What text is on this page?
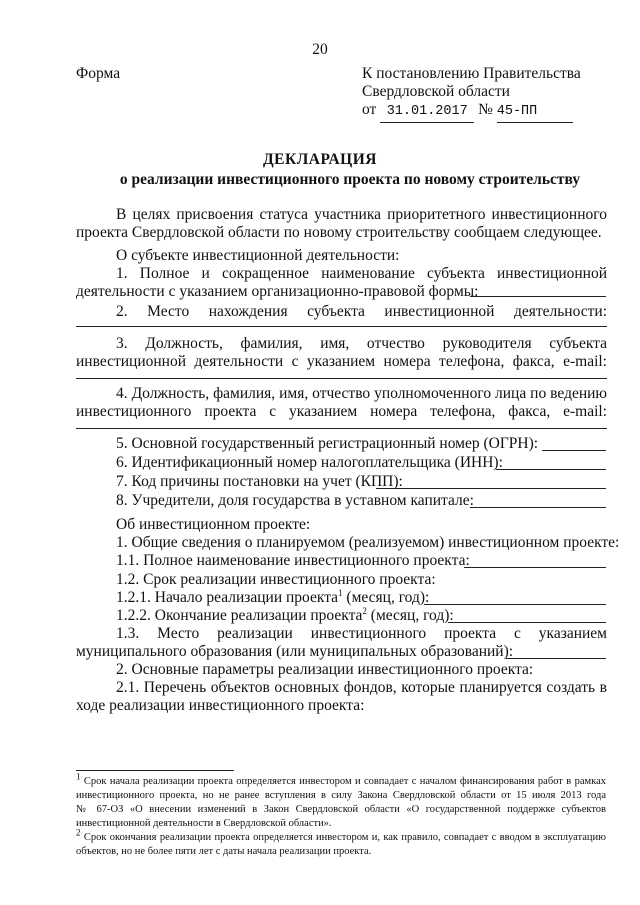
20
Форма	К постановлению Правительства
Свердловской области
от 31.01.2017 № 45-ПП
ДЕКЛАРАЦИЯ
о реализации инвестиционного проекта по новому строительству
В целях присвоения статуса участника приоритетного инвестиционного
проекта Свердловской области по новому строительству сообщаем следующее.
О субъекте инвестиционной деятельности:
1. Полное и сокращенное наименование субъекта инвестиционной
деятельности с указанием организационно-правовой формы:
2. Место нахождения субъекта инвестиционной деятельности:
3. Должность, фамилия, имя, отчество руководителя субъекта
инвестиционной деятельности с указанием номера телефона, факса, e-mail:
4. Должность, фамилия, имя, отчество уполномоченного лица по ведению
инвестиционного проекта с указанием номера телефона, факса, e-mail:
5. Основной государственный регистрационный номер (ОГРН):
6. Идентификационный номер налогоплательщика (ИНН):
7. Код причины постановки на учет (КПП):
8. Учредители, доля государства в уставном капитале:
Об инвестиционном проекте:
1. Общие сведения о планируемом (реализуемом) инвестиционном проекте:
1.1. Полное наименование инвестиционного проекта:
1.2. Срок реализации инвестиционного проекта:
1.2.1. Начало реализации проекта$^1$ (месяц, год):
1.2.2. Окончание реализации проекта$^2$ (месяц, год):
1.3. Место реализации инвестиционного проекта с указанием
муниципального образования (или муниципальных образований):
2. Основные параметры реализации инвестиционного проекта:
2.1. Перечень объектов основных фондов, которые планируется создать в
ходе реализации инвестиционного проекта:
$^1$ Срок начала реализации проекта определяется инвестором и совпадает с началом финансирования работ в рамках
инвестиционного проекта, но не ранее вступления в силу Закона Свердловской области от 15 июля 2013 года
№ 67-ОЗ «О внесении изменений в Закон Свердловской области «О государственной поддержке субъектов
инвестиционной деятельности в Свердловской области».
$^2$ Срок окончания реализации проекта определяется инвестором и, как правило, совпадает с вводом в эксплуатацию
объектов, но не более пяти лет с даты начала реализации проекта.
